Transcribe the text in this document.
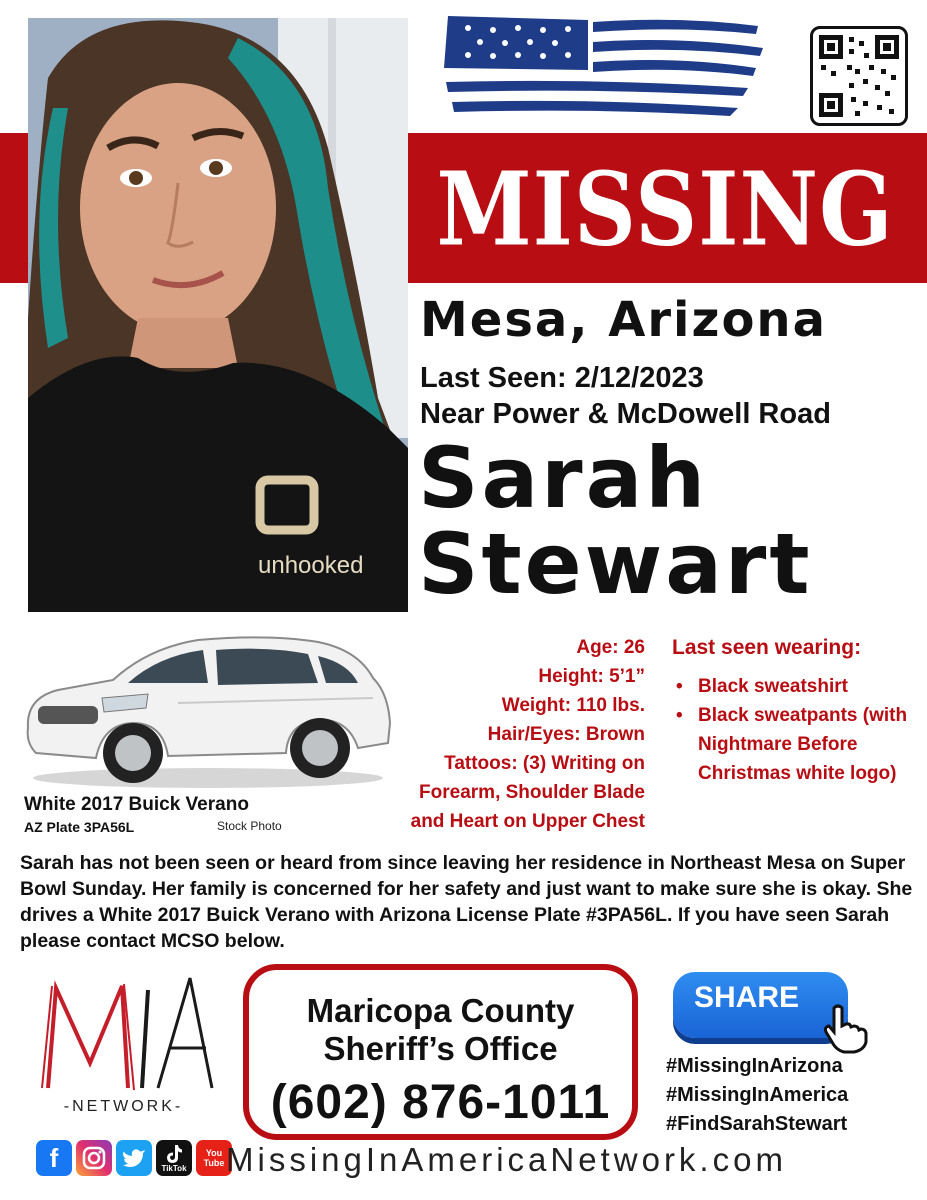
unhooked
MISSING
Mesa, Arizona
Last Seen: 2/12/2023
Near Power & McDowell Road
Sarah
Stewart
White 2017 Buick Verano
AZ Plate 3PA56L	Stock Photo
Age: 26
Height: 5’1”
Weight: 110 lbs.
Hair/Eyes: Brown
Tattoos: (3) Writing on
Forearm, Shoulder Blade
and Heart on Upper Chest
Last seen wearing:
• Black sweatshirt
• Black sweatpants (with Nightmare Before Christmas white logo)
Sarah has not been seen or heard from since leaving her residence in Northeast Mesa on Super Bowl Sunday. Her family is concerned for her safety and just want to make sure she is okay. She drives a White 2017 Buick Verano with Arizona License Plate #3PA56L. If you have seen Sarah please contact MCSO below.
MIA
-NETWORK-
Maricopa County
Sheriff’s Office
(602) 876-1011
SHARE
#MissingInArizona
#MissingInAmerica
#FindSarahStewart
f	TikTok
You
Tube MissingInAmericaNetwork.com
